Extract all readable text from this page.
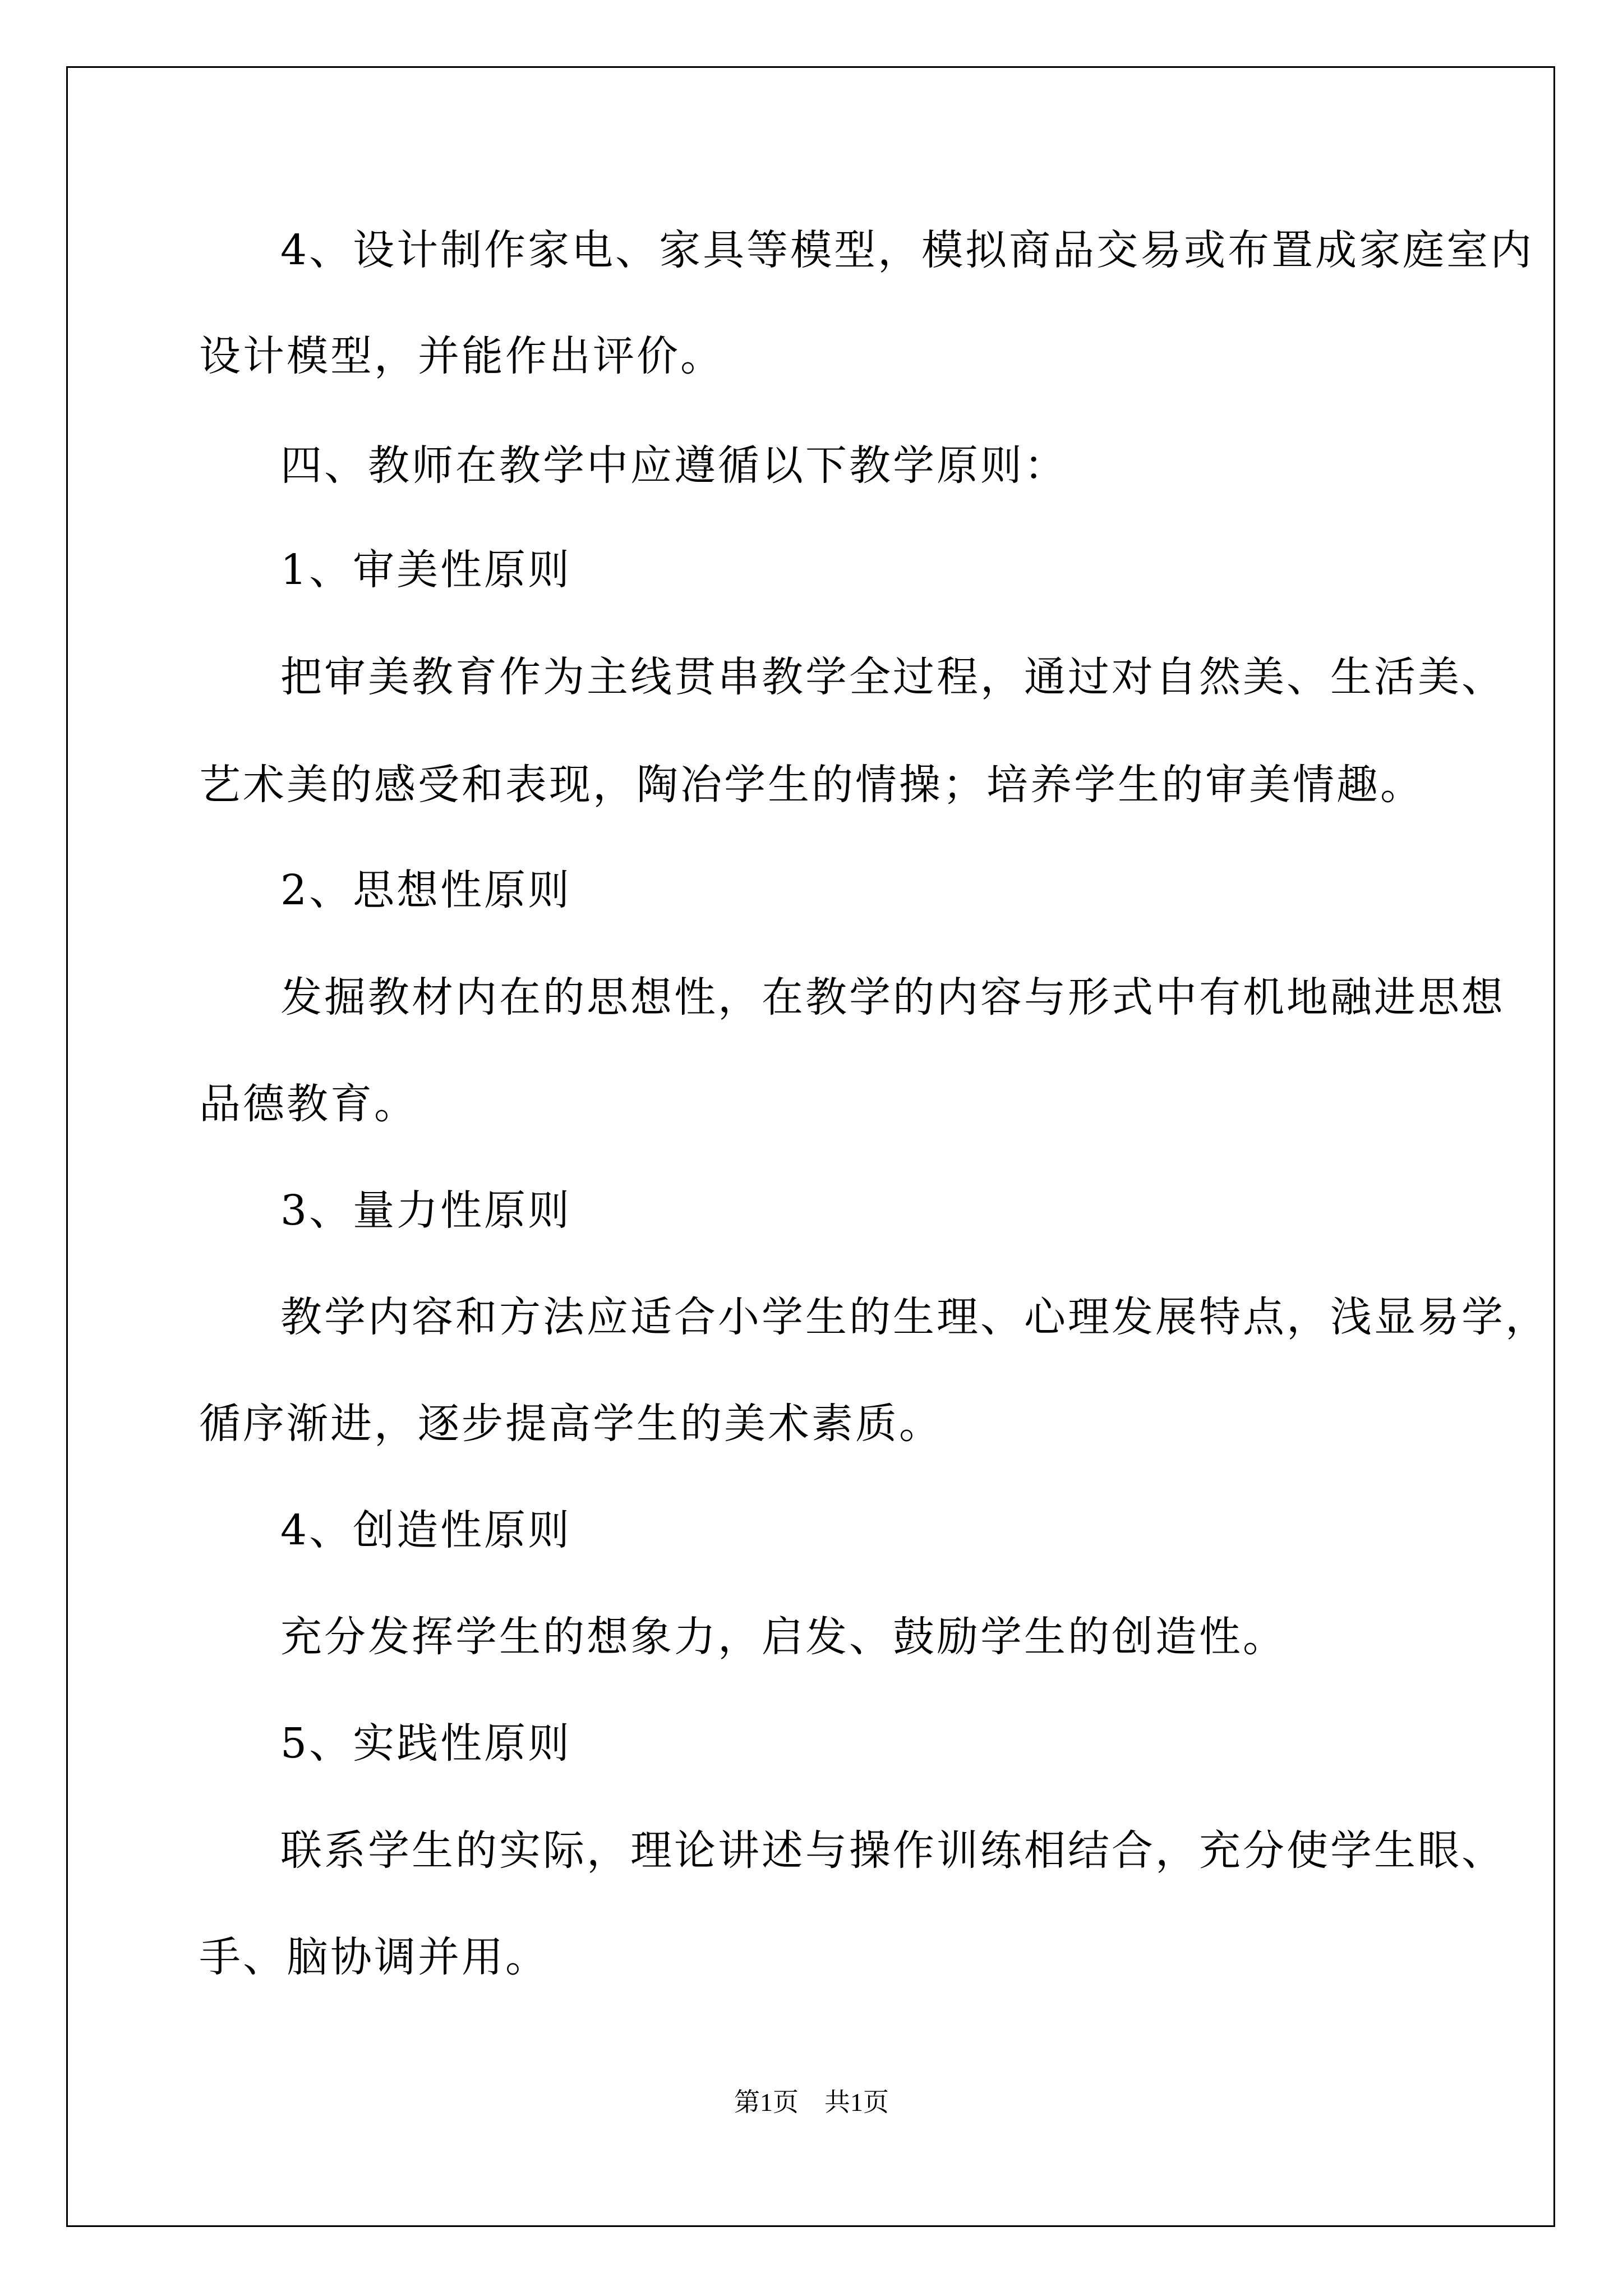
4、设计制作家电、家具等模型，模拟商品交易或布置成家庭室内
设计模型，并能作出评价。
四、教师在教学中应遵循以下教学原则：
1、审美性原则
把审美教育作为主线贯串教学全过程，通过对自然美、生活美、
艺术美的感受和表现，陶冶学生的情操；培养学生的审美情趣。
2、思想性原则
发掘教材内在的思想性，在教学的内容与形式中有机地融进思想
品德教育。
3、量力性原则
教学内容和方法应适合小学生的生理、心理发展特点，浅显易学，
循序渐进，逐步提高学生的美术素质。
4、创造性原则
充分发挥学生的想象力，启发、鼓励学生的创造性。
5、实践性原则
联系学生的实际，理论讲述与操作训练相结合，充分使学生眼、
手、脑协调并用。
第1页　共1页
